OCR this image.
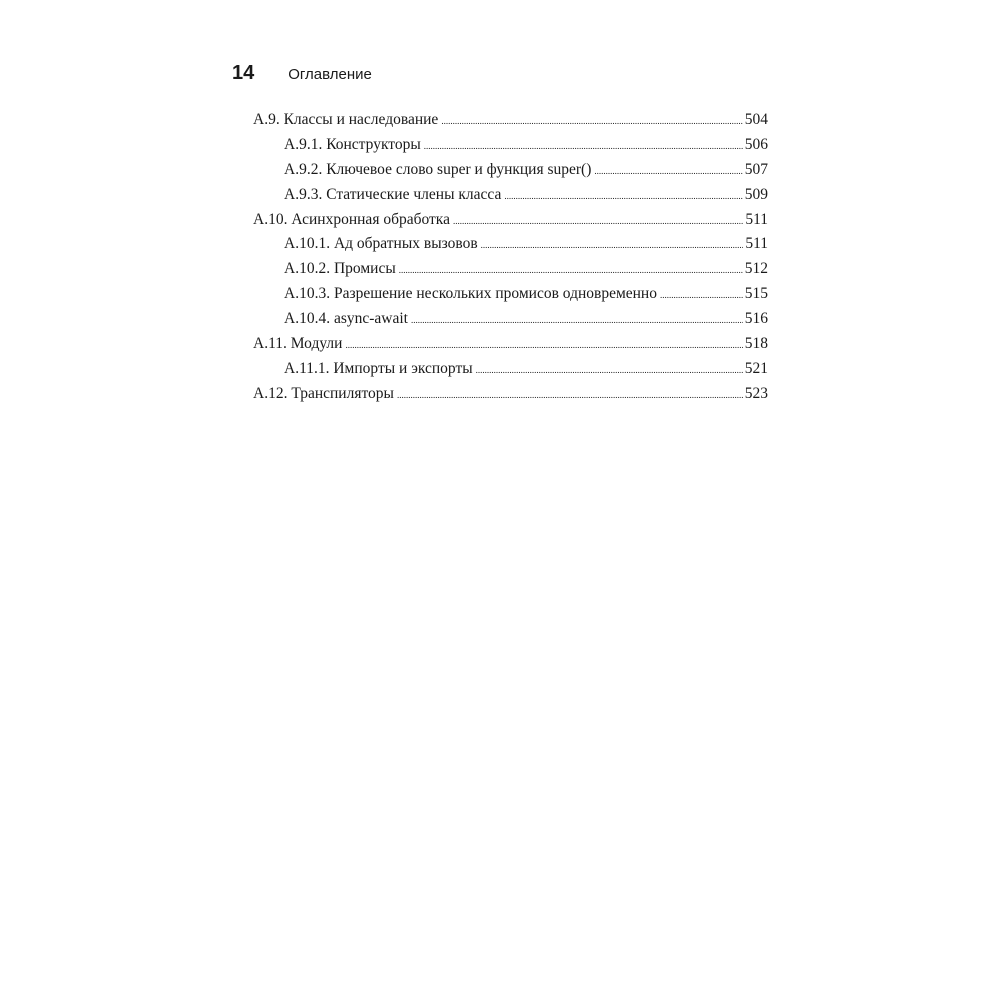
14 Оглавление
А.9. Классы и наследование .....	504
А.9.1. Конструкторы .....	506
А.9.2. Ключевое слово super и функция super() .....	507
А.9.3. Статические члены класса .....	509
А.10. Асинхронная обработка .....	511
А.10.1. Ад обратных вызовов .....	511
А.10.2. Промисы .....	512
А.10.3. Разрешение нескольких промисов одновременно .....	515
А.10.4. async-await .....	516
А.11. Модули .....	518
А.11.1. Импорты и экспорты .....	521
А.12. Транспиляторы .....	523
